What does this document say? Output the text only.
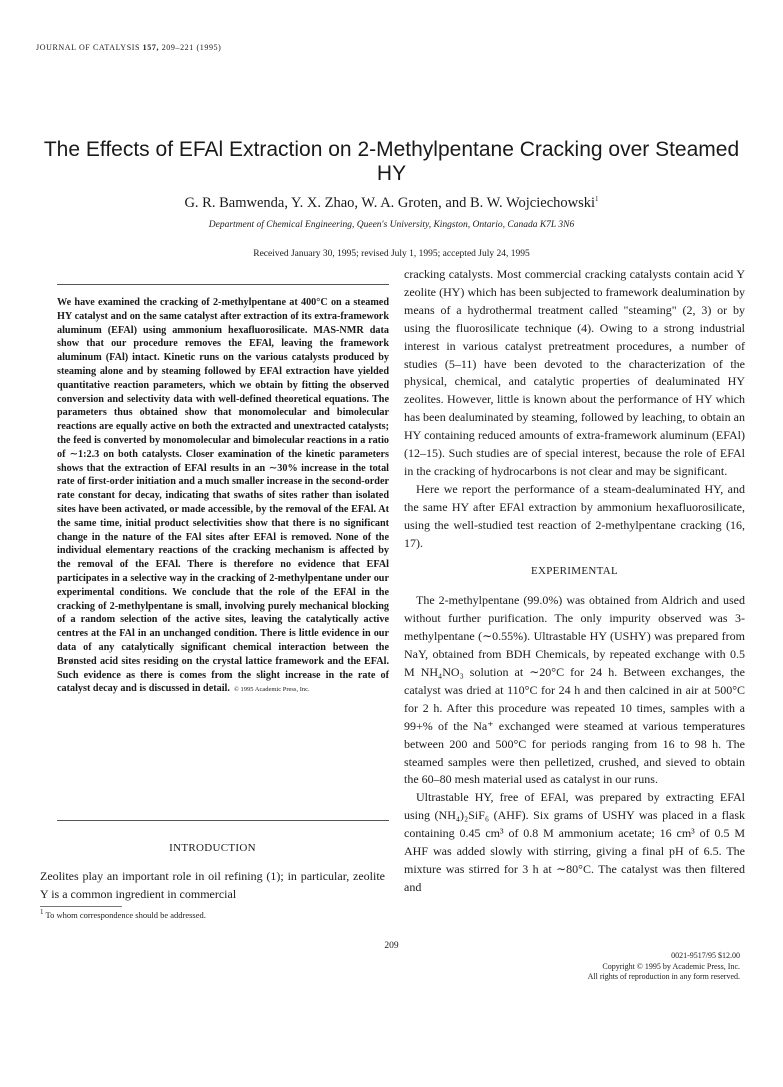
JOURNAL OF CATALYSIS 157, 209–221 (1995)
The Effects of EFAl Extraction on 2-Methylpentane Cracking over Steamed HY
G. R. Bamwenda, Y. X. Zhao, W. A. Groten, and B. W. Wojciechowski$^1$
Department of Chemical Engineering, Queen's University, Kingston, Ontario, Canada K7L 3N6
Received January 30, 1995; revised July 1, 1995; accepted July 24, 1995
We have examined the cracking of 2-methylpentane at 400°C on a steamed HY catalyst and on the same catalyst after extraction of its extra-framework aluminum (EFAl) using ammonium hexafluorosilicate. MAS-NMR data show that our procedure removes the EFAl, leaving the framework aluminum (FAl) intact. Kinetic runs on the various catalysts produced by steaming alone and by steaming followed by EFAl extraction have yielded quantitative reaction parameters, which we obtain by fitting the observed conversion and selectivity data with well-defined theoretical equations. The parameters thus obtained show that monomolecular and bimolecular reactions are equally active on both the extracted and unextracted catalysts; the feed is converted by monomolecular and bimolecular reactions in a ratio of ∼1:2.3 on both catalysts. Closer examination of the kinetic parameters shows that the extraction of EFAl results in an ∼30% increase in the total rate of first-order initiation and a much smaller increase in the second-order rate constant for decay, indicating that swaths of sites rather than isolated sites have been activated, or made accessible, by the removal of the EFAl. At the same time, initial product selectivities show that there is no significant change in the nature of the FAl sites after EFAl is removed. None of the individual elementary reactions of the cracking mechanism is affected by the removal of the EFAl. There is therefore no evidence that EFAl participates in a selective way in the cracking of 2-methylpentane under our experimental conditions. We conclude that the role of the EFAl in the cracking of 2-methylpentane is small, involving purely mechanical blocking of a random selection of the active sites, leaving the catalytically active centres at the FAl in an unchanged condition. There is little evidence in our data of any catalytically significant chemical interaction between the Brønsted acid sites residing on the crystal lattice framework and the EFAl. Such evidence as there is comes from the slight increase in the rate of catalyst decay and is discussed in detail. © 1995 Academic Press, Inc.
INTRODUCTION
Zeolites play an important role in oil refining (1); in particular, zeolite Y is a common ingredient in commercial
$^1$ To whom correspondence should be addressed.

cracking catalysts. Most commercial cracking catalysts contain acid Y zeolite (HY) which has been subjected to framework dealumination by means of a hydrothermal treatment called "steaming" (2, 3) or by using the fluorosilicate technique (4). Owing to a strong industrial interest in various catalyst pretreatment procedures, a number of studies (5–11) have been devoted to the characterization of the physical, chemical, and catalytic properties of dealuminated HY zeolites. However, little is known about the performance of HY which has been dealuminated by steaming, followed by leaching, to obtain an HY containing reduced amounts of extra-framework aluminum (EFAl) (12–15). Such studies are of special interest, because the role of EFAl in the cracking of hydrocarbons is not clear and may be significant.

Here we report the performance of a steam-dealuminated HY, and the same HY after EFAl extraction by ammonium hexafluorosilicate, using the well-studied test reaction of 2-methylpentane cracking (16, 17).

EXPERIMENTAL

The 2-methylpentane (99.0%) was obtained from Aldrich and used without further purification. The only impurity observed was 3-methylpentane (∼0.55%). Ultrastable HY (USHY) was prepared from NaY, obtained from BDH Chemicals, by repeated exchange with 0.5 M NH₄NO₃ solution at ∼20°C for 24 h. Between exchanges, the catalyst was dried at 110°C for 24 h and then calcined in air at 500°C for 2 h. After this procedure was repeated 10 times, samples with a 99+% of the Na⁺ exchanged were steamed at various temperatures between 200 and 500°C for periods ranging from 16 to 98 h. The steamed samples were then pelletized, crushed, and sieved to obtain the 60–80 mesh material used as catalyst in our runs.

Ultrastable HY, free of EFAl, was prepared by extracting EFAl using (NH₄)₂SiF₆ (AHF). Six grams of USHY was placed in a flask containing 0.45 cm³ of 0.8 M ammonium acetate; 16 cm³ of 0.5 M AHF was added slowly with stirring, giving a final pH of 6.5. The mixture was stirred for 3 h at ∼80°C. The catalyst was then filtered and

209
0021-9517/95 $12.00
Copyright © 1995 by Academic Press, Inc.
All rights of reproduction in any form reserved.
